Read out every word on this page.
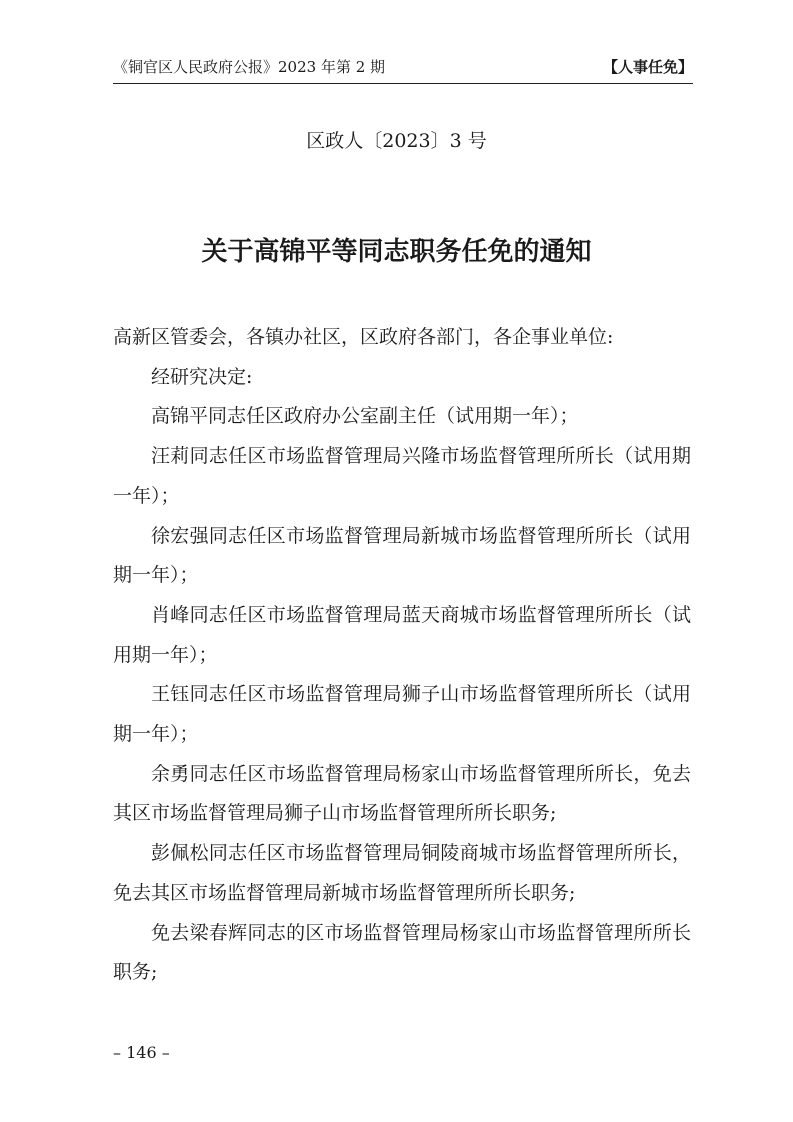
《铜官区人民政府公报》2023 年第 2 期	【人事任免】
区政人〔2023〕3 号
关于高锦平等同志职务任免的通知

高新区管委会，各镇办社区，区政府各部门，各企事业单位:

经研究决定:

高锦平同志任区政府办公室副主任（试用期一年）；

汪莉同志任区市场监督管理局兴隆市场监督管理所所长（试用期一年）；

徐宏强同志任区市场监督管理局新城市场监督管理所所长（试用期一年）；

肖峰同志任区市场监督管理局蓝天商城市场监督管理所所长（试用期一年）；

王钰同志任区市场监督管理局狮子山市场监督管理所所长（试用期一年）；

余勇同志任区市场监督管理局杨家山市场监督管理所所长，免去其区市场监督管理局狮子山市场监督管理所所长职务;

彭佩松同志任区市场监督管理局铜陵商城市场监督管理所所长，免去其区市场监督管理局新城市场监督管理所所长职务;

免去梁春辉同志的区市场监督管理局杨家山市场监督管理所所长职务;

– 146 –
